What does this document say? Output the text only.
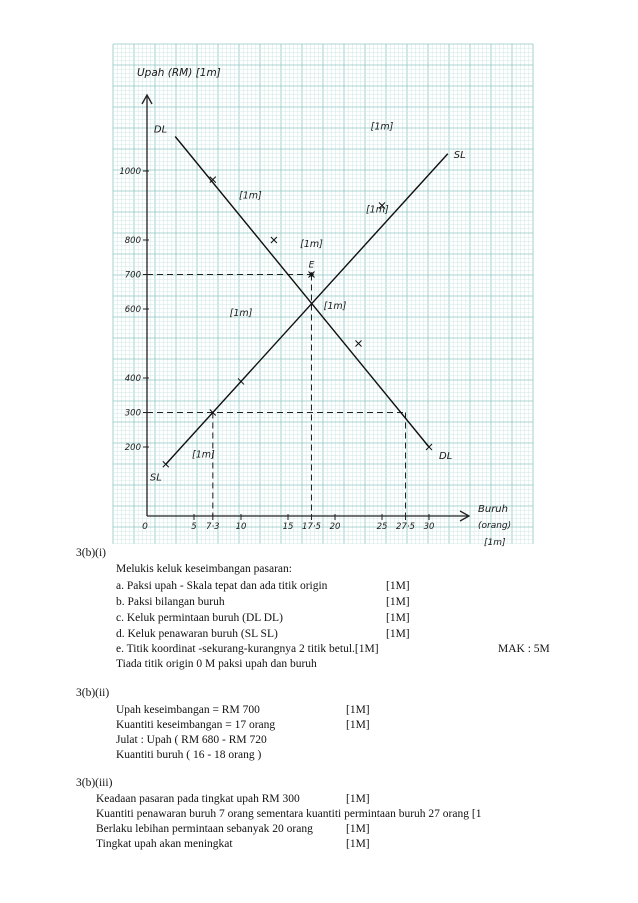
200
300
400
600
700
800
1000
5 7·3 10	15 17·5 20	25 27·5 30
0
Upah (RM) [1m]
Buruh
(orang)
[1m]
DL
DL
SL
SL
E
[1m]
[1m]
[1m]
[1m]
[1m]
[1m]
[1m]
3(b)(i)
Melukis keluk keseimbangan pasaran:
a. Paksi upah - Skala tepat dan ada titik origin	[1M]
b. Paksi bilangan buruh	[1M]
c. Keluk permintaan buruh (DL DL)	[1M]
d. Keluk penawaran buruh (SL SL)	[1M]
e. Titik koordinat -sekurang-kurangnya 2 titik betul.[1M]	MAK : 5M
Tiada titik origin 0 M paksi upah dan buruh
3(b)(ii)
Upah keseimbangan = RM 700	[1M]
Kuantiti keseimbangan = 17 orang	[1M]
Julat : Upah ( RM 680 - RM 720
Kuantiti buruh ( 16 - 18 orang )
3(b)(iii)
Keadaan pasaran pada tingkat upah RM 300	[1M]
Kuantiti penawaran buruh 7 orang sementara kuantiti permintaan buruh 27 orang [1
Berlaku lebihan permintaan sebanyak 20 orang	[1M]
Tingkat upah akan meningkat	[1M]
